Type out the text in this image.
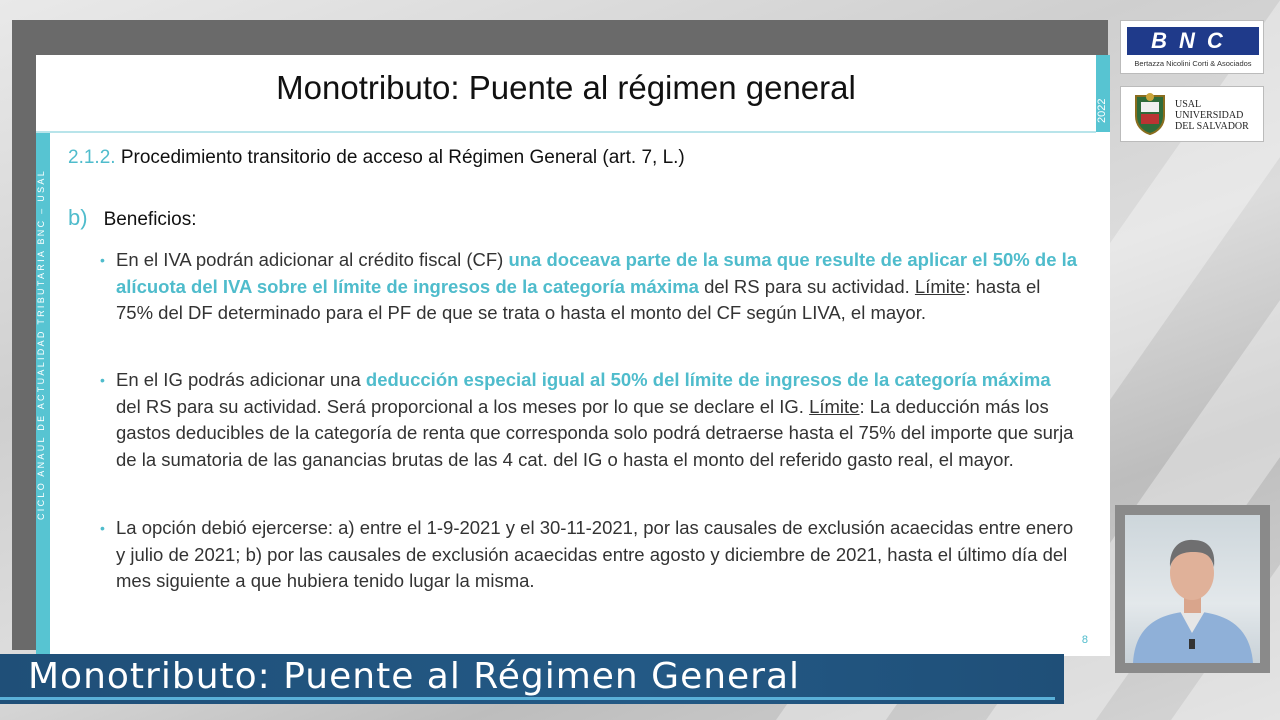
Monotributo: Puente al régimen general
2022
CICLO ANAUL DE ACTUALIDAD TRIBUTARIA BNC – USAL
2.1.2. Procedimiento transitorio de acceso al Régimen General (art. 7, L.)
b) Beneficios:
• En el IVA podrán adicionar al crédito fiscal (CF) una doceava parte de la suma que resulte de aplicar el 50% de la alícuota del IVA sobre el límite de ingresos de la categoría máxima del RS para su actividad. Límite: hasta el 75% del DF determinado para el PF de que se trata o hasta el monto del CF según LIVA, el mayor.
• En el IG podrás adicionar una deducción especial igual al 50% del límite de ingresos de la categoría máxima del RS para su actividad. Será proporcional a los meses por lo que se declare el IG. Límite: La deducción más los gastos deducibles de la categoría de renta que corresponda solo podrá detraerse hasta el 75% del importe que surja de la sumatoria de las ganancias brutas de las 4 cat. del IG o hasta el monto del referido gasto real, el mayor.
• La opción debió ejercerse: a) entre el 1-9-2021 y el 30-11-2021, por las causales de exclusión acaecidas entre enero y julio de 2021; b) por las causales de exclusión acaecidas entre agosto y diciembre de 2021, hasta el último día del mes siguiente a que hubiera tenido lugar la misma.
8
BNC
Bertazza Nicolini Corti & Asociados
USAL
UNIVERSIDAD
DEL SALVADOR
Monotributo: Puente al Régimen General
